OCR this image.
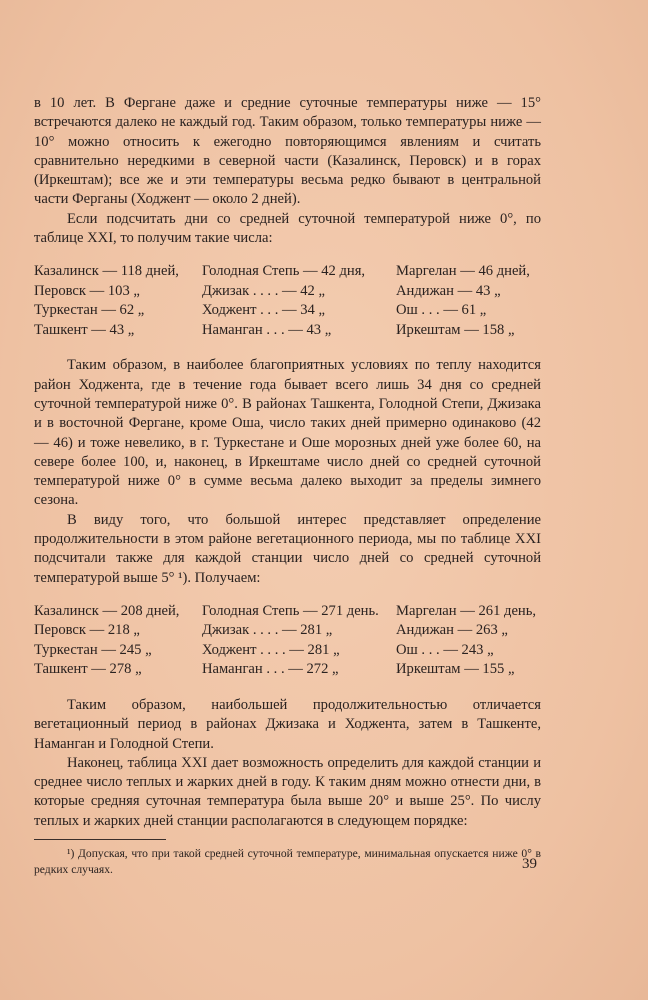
в 10 лет. В Фергане даже и средние суточные температуры ниже — 15° встречаются далеко не каждый год. Таким образом, только температуры ниже — 10° можно относить к ежегодно повторяющимся явлениям и считать сравнительно нередкими в северной части (Казалинск, Перовск) и в горах (Иркештам); все же и эти температуры весьма редко бывают в центральной части Ферганы (Ходжент — около 2 дней).

Если подсчитать дни со средней суточной температурой ниже 0°, по таблице XXI, то получим такие числа:

Казалинск — 118 дней,	Голодная Степь — 42 дня,	Маргелан — 46 дней,
Перовск — 103 „	Джизак . . . . — 42 „	Андижан — 43 „
Туркестан — 62 „	Ходжент . . . — 34 „	Ош . . . — 61 „
Ташкент — 43 „	Наманган . . . — 43 „	Иркештам — 158 „

Таким образом, в наиболее благоприятных условиях по теплу находится район Ходжента, где в течение года бывает всего лишь 34 дня со средней суточной температурой ниже 0°. В районах Ташкента, Голодной Степи, Джизака и в восточной Фергане, кроме Оша, число таких дней примерно одинаково (42 — 46) и тоже невелико, в г. Туркестане и Оше морозных дней уже более 60, на севере более 100, и, наконец, в Иркештаме число дней со средней суточной температурой ниже 0° в сумме весьма далеко выходит за пределы зимнего сезона.

В виду того, что большой интерес представляет определение продолжительности в этом районе вегетационного периода, мы по таблице XXI подсчитали также для каждой станции число дней со средней суточной температурой выше 5° ¹). Получаем:

Казалинск — 208 дней,	Голодная Степь — 271 день.	Маргелан — 261 день,
Перовск — 218 „	Джизак . . . . — 281 „	Андижан — 263 „
Туркестан — 245 „	Ходжент . . . . — 281 „	Ош . . . — 243 „
Ташкент — 278 „	Наманган . . . — 272 „	Иркештам — 155 „

Таким образом, наибольшей продолжительностью отличается вегетационный период в районах Джизака и Ходжента, затем в Ташкенте, Наманган и Голодной Степи.

Наконец, таблица XXI дает возможность определить для каждой станции и среднее число теплых и жарких дней в году. К таким дням можно отнести дни, в которые средняя суточная температура была выше 20° и выше 25°. По числу теплых и жарких дней станции располагаются в следующем порядке:

¹) Допуская, что при такой средней суточной температуре, минимальная опускается ниже 0° в редких случаях.	39
